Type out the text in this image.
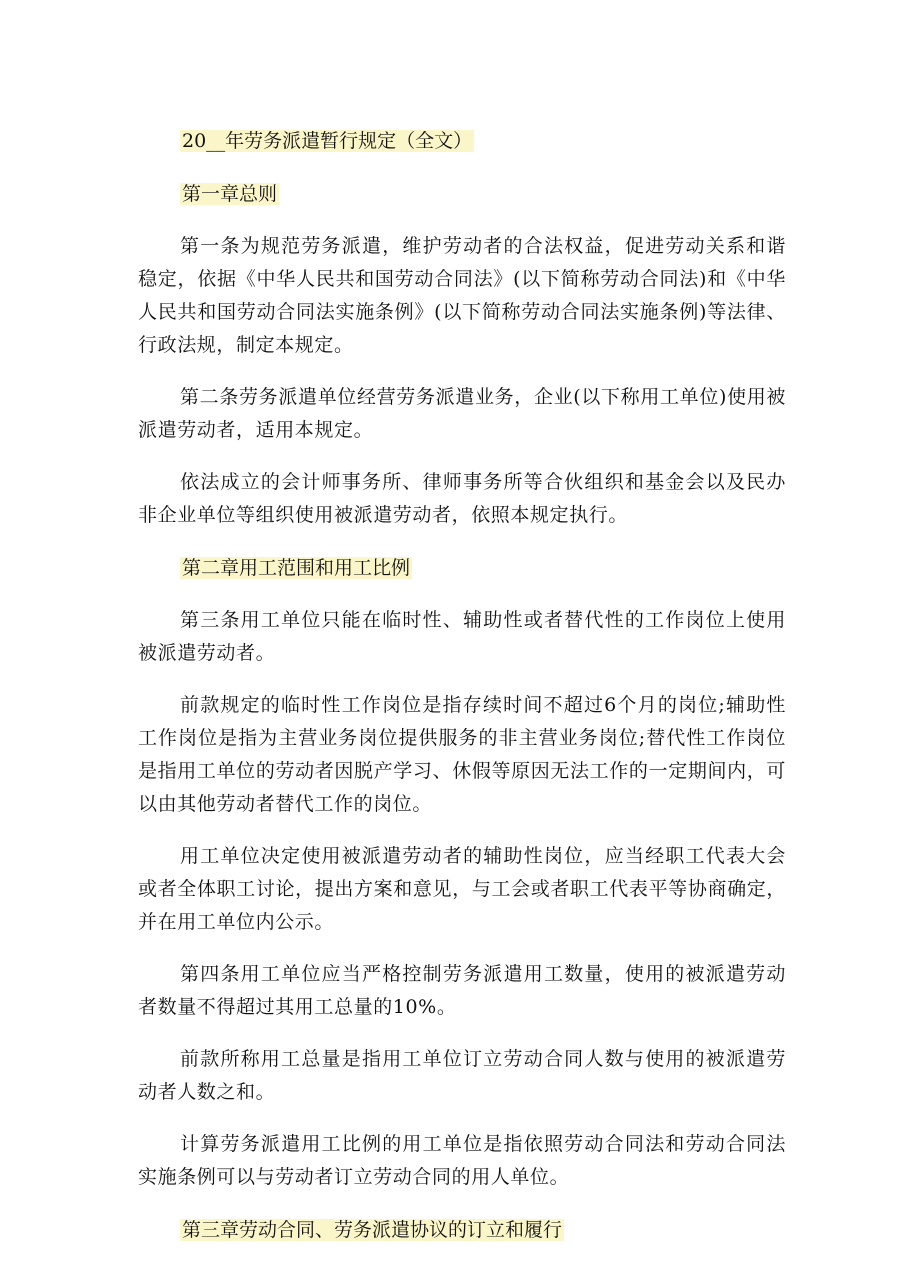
20__年劳务派遣暂行规定（全文）
第一章总则

第一条为规范劳务派遣，维护劳动者的合法权益，促进劳动关系和谐稳定，依据《中华人民共和国劳动合同法》(以下简称劳动合同法)和《中华人民共和国劳动合同法实施条例》(以下简称劳动合同法实施条例)等法律、行政法规，制定本规定。

第二条劳务派遣单位经营劳务派遣业务，企业(以下称用工单位)使用被派遣劳动者，适用本规定。

依法成立的会计师事务所、律师事务所等合伙组织和基金会以及民办非企业单位等组织使用被派遣劳动者，依照本规定执行。

第二章用工范围和用工比例

第三条用工单位只能在临时性、辅助性或者替代性的工作岗位上使用被派遣劳动者。

前款规定的临时性工作岗位是指存续时间不超过6个月的岗位;辅助性工作岗位是指为主营业务岗位提供服务的非主营业务岗位;替代性工作岗位是指用工单位的劳动者因脱产学习、休假等原因无法工作的一定期间内，可以由其他劳动者替代工作的岗位。

用工单位决定使用被派遣劳动者的辅助性岗位，应当经职工代表大会或者全体职工讨论，提出方案和意见，与工会或者职工代表平等协商确定，并在用工单位内公示。

第四条用工单位应当严格控制劳务派遣用工数量，使用的被派遣劳动者数量不得超过其用工总量的10%。

前款所称用工总量是指用工单位订立劳动合同人数与使用的被派遣劳动者人数之和。

计算劳务派遣用工比例的用工单位是指依照劳动合同法和劳动合同法实施条例可以与劳动者订立劳动合同的用人单位。

第三章劳动合同、劳务派遣协议的订立和履行
